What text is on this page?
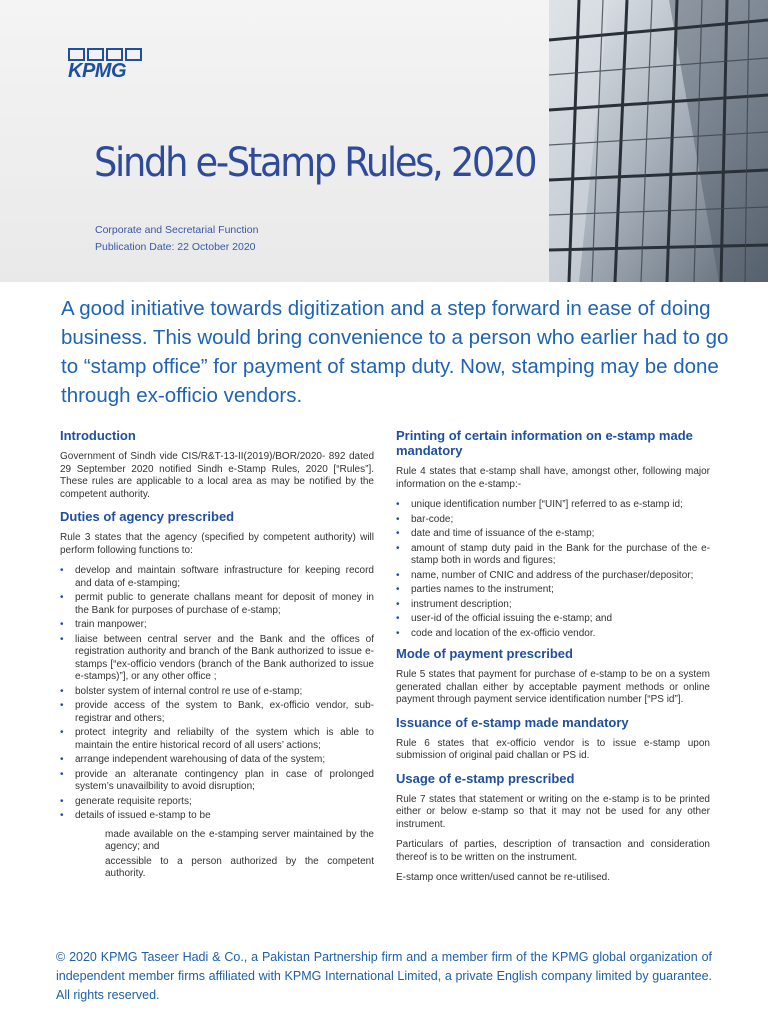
KPMG
Sindh e-Stamp Rules, 2020
Corporate and Secretarial Function
Publication Date: 22 October 2020
A good initiative towards digitization and a step forward in ease of doing business. This would bring convenience to a person who earlier had to go to “stamp office” for payment of stamp duty. Now, stamping may be done through ex-officio vendors.
Introduction

Government of Sindh vide CIS/R&T-13-II(2019)/BOR/2020- 892 dated 29 September 2020 notified Sindh e-Stamp Rules, 2020 [“Rules”]. These rules are applicable to a local area as may be notified by the competent authority.

Duties of agency prescribed

Rule 3 states that the agency (specified by competent authority) will perform following functions to:

• develop and maintain software infrastructure for keeping record and data of e-stamping;
• permit public to generate challans meant for deposit of money in the Bank for purposes of purchase of e-stamp;
• train manpower;
• liaise between central server and the Bank and the offices of registration authority and branch of the Bank authorized to issue e-stamps [“ex-officio vendors (branch of the Bank authorized to issue e-stamps)”], or any other office ;
• bolster system of internal control re use of e-stamp;
• provide access of the system to Bank, ex-officio vendor, sub-registrar and others;
• protect integrity and reliabilty of the system which is able to maintain the entire historical record of all users’ actions;
• arrange independent warehousing of data of the system;
• provide an alteranate contingency plan in case of prolonged system’s unavailbility to avoid disruption;
• generate requisite reports;
• details of issued e-stamp to be
made available on the e-stamping server maintained by the agency; and
accessible to a person authorized by the competent authority.
Printing of certain information on e-stamp made mandatory

Rule 4 states that e-stamp shall have, amongst other, following major information on the e-stamp:-

• unique identification number [“UIN”] referred to as e-stamp id;
• bar-code;
• date and time of issuance of the e-stamp;
• amount of stamp duty paid in the Bank for the purchase of the e-stamp both in words and figures;
• name, number of CNIC and address of the purchaser/depositor;
• parties names to the instrument;
• instrument description;
• user-id of the official issuing the e-stamp; and
• code and location of the ex-officio vendor.
Mode of payment prescribed

Rule 5 states that payment for purchase of e-stamp to be on a system generated challan either by acceptable payment methods or online payment through payment service identification number [“PS id”].

Issuance of e-stamp made mandatory

Rule 6 states that ex-officio vendor is to issue e-stamp upon submission of original paid challan or PS id.

Usage of e-stamp prescribed

Rule 7 states that statement or writing on the e-stamp is to be printed either or below e-stamp so that it may not be used for any other instrument.

Particulars of parties, description of transaction and consideration thereof is to be written on the instrument.

E-stamp once written/used cannot be re-utilised.

© 2020 KPMG Taseer Hadi & Co., a Pakistan Partnership firm and a member firm of the KPMG global organization of independent member firms affiliated with KPMG International Limited, a private English company limited by guarantee. All rights reserved.
